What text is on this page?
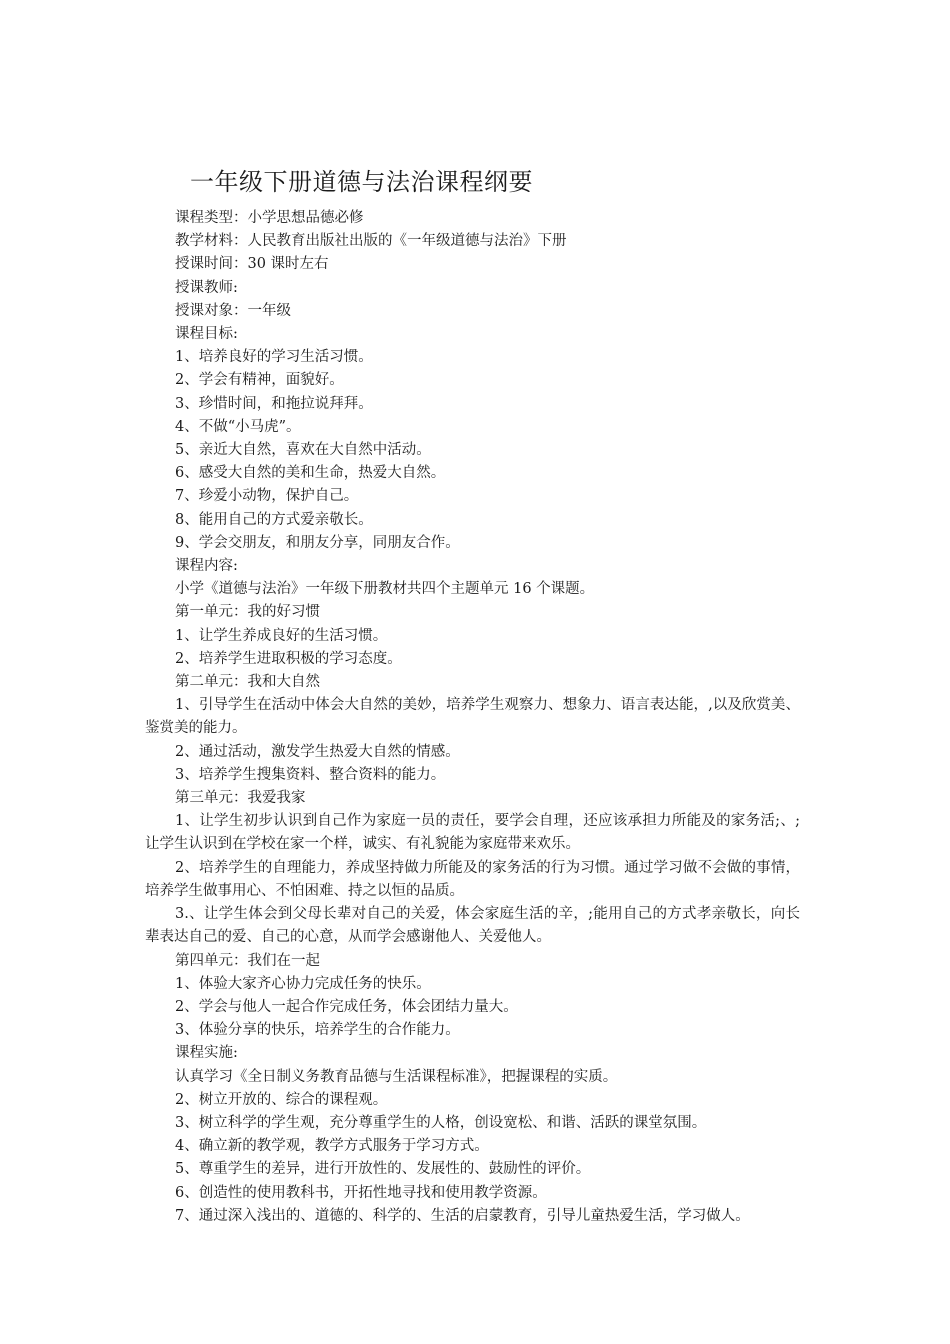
一年级下册道德与法治课程纲要
课程类型：小学思想品德必修
教学材料：人民教育出版社出版的《一年级道德与法治》下册
授课时间：30 课时左右
授课教师:
授课对象：一年级
课程目标:
1、培养良好的学习生活习惯。
2、学会有精神，面貌好。
3、珍惜时间，和拖拉说拜拜。
4、不做“小马虎”。
5、亲近大自然，喜欢在大自然中活动。
6、感受大自然的美和生命，热爱大自然。
7、珍爱小动物，保护自己。
8、能用自己的方式爱亲敬长。
9、学会交朋友，和朋友分享，同朋友合作。
课程内容:
小学《道德与法治》一年级下册教材共四个主题单元 16 个课题。
第一单元：我的好习惯
1、让学生养成良好的生活习惯。
2、培养学生进取积极的学习态度。
第二单元：我和大自然
1、引导学生在活动中体会大自然的美妙，培养学生观察力、想象力、语言表达能，,以及欣赏美、鉴赏美的能力。
2、通过活动，激发学生热爱大自然的情感。
3、培养学生搜集资料、整合资料的能力。
第三单元：我爱我家
1、让学生初步认识到自己作为家庭一员的责任，要学会自理，还应该承担力所能及的家务活;、;让学生认识到在学校在家一个样，诚实、有礼貌能为家庭带来欢乐。
2、培养学生的自理能力，养成坚持做力所能及的家务活的行为习惯。通过学习做不会做的事情，培养学生做事用心、不怕困难、持之以恒的品质。
3.、让学生体会到父母长辈对自己的关爱，体会家庭生活的辛，;能用自己的方式孝亲敬长，向长辈表达自己的爱、自己的心意，从而学会感谢他人、关爱他人。
第四单元：我们在一起
1、体验大家齐心协力完成任务的快乐。
2、学会与他人一起合作完成任务，体会团结力量大。
3、体验分享的快乐，培养学生的合作能力。
课程实施:
认真学习《全日制义务教育品德与生活课程标准》，把握课程的实质。
2、树立开放的、综合的课程观。
3、树立科学的学生观，充分尊重学生的人格，创设宽松、和谐、活跃的课堂氛围。
4、确立新的教学观，教学方式服务于学习方式。
5、尊重学生的差异，进行开放性的、发展性的、鼓励性的评价。
6、创造性的使用教科书，开拓性地寻找和使用教学资源。
7、通过深入浅出的、道德的、科学的、生活的启蒙教育，引导儿童热爱生活，学习做人。
